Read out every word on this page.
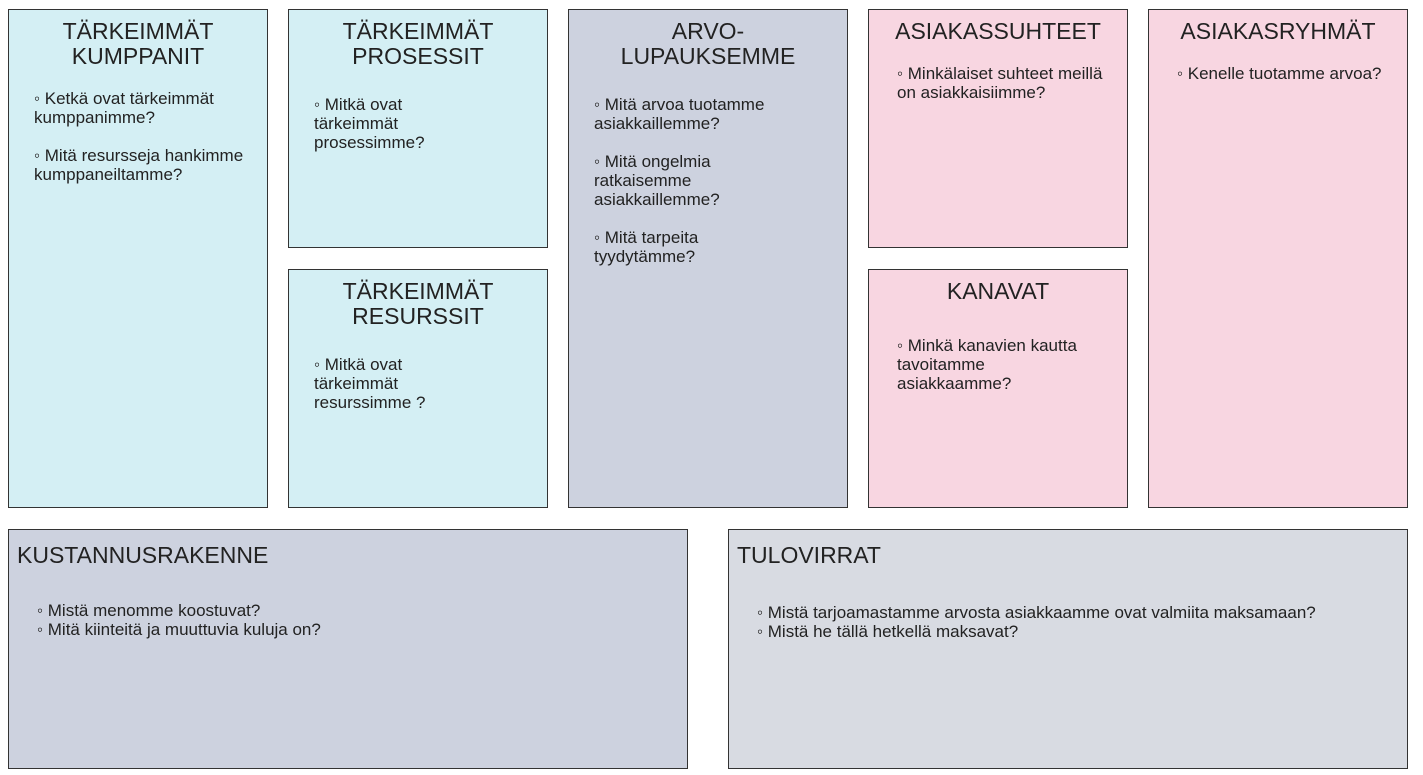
TÄRKEIMMÄT
KUMPPANIT
◦ Ketkä ovat tärkeimmät kumppanimme?
◦ Mitä resursseja hankimme kumppaneiltamme?
TÄRKEIMMÄT
PROSESSIT
◦ Mitkä ovat tärkeimmät prosessimme?
TÄRKEIMMÄT
RESURSSIT
◦ Mitkä ovat tärkeimmät resurssimme ?
ARVO-
LUPAUKSEMME
◦ Mitä arvoa tuotamme asiakkaillemme?
◦ Mitä ongelmia ratkaisemme asiakkaillemme?
◦ Mitä tarpeita tyydytämme?
ASIAKASSUHTEET
◦ Minkälaiset suhteet meillä on asiakkaisiimme?
KANAVAT
◦ Minkä kanavien kautta tavoitamme asiakkaamme?
ASIAKASRYHMÄT
◦ Kenelle tuotamme arvoa?
KUSTANNUSRAKENNE
◦ Mistä menomme koostuvat?
◦ Mitä kiinteitä ja muuttuvia kuluja on?
TULOVIRRAT
◦ Mistä tarjoamastamme arvosta asiakkaamme ovat valmiita maksamaan?
◦ Mistä he tällä hetkellä maksavat?
